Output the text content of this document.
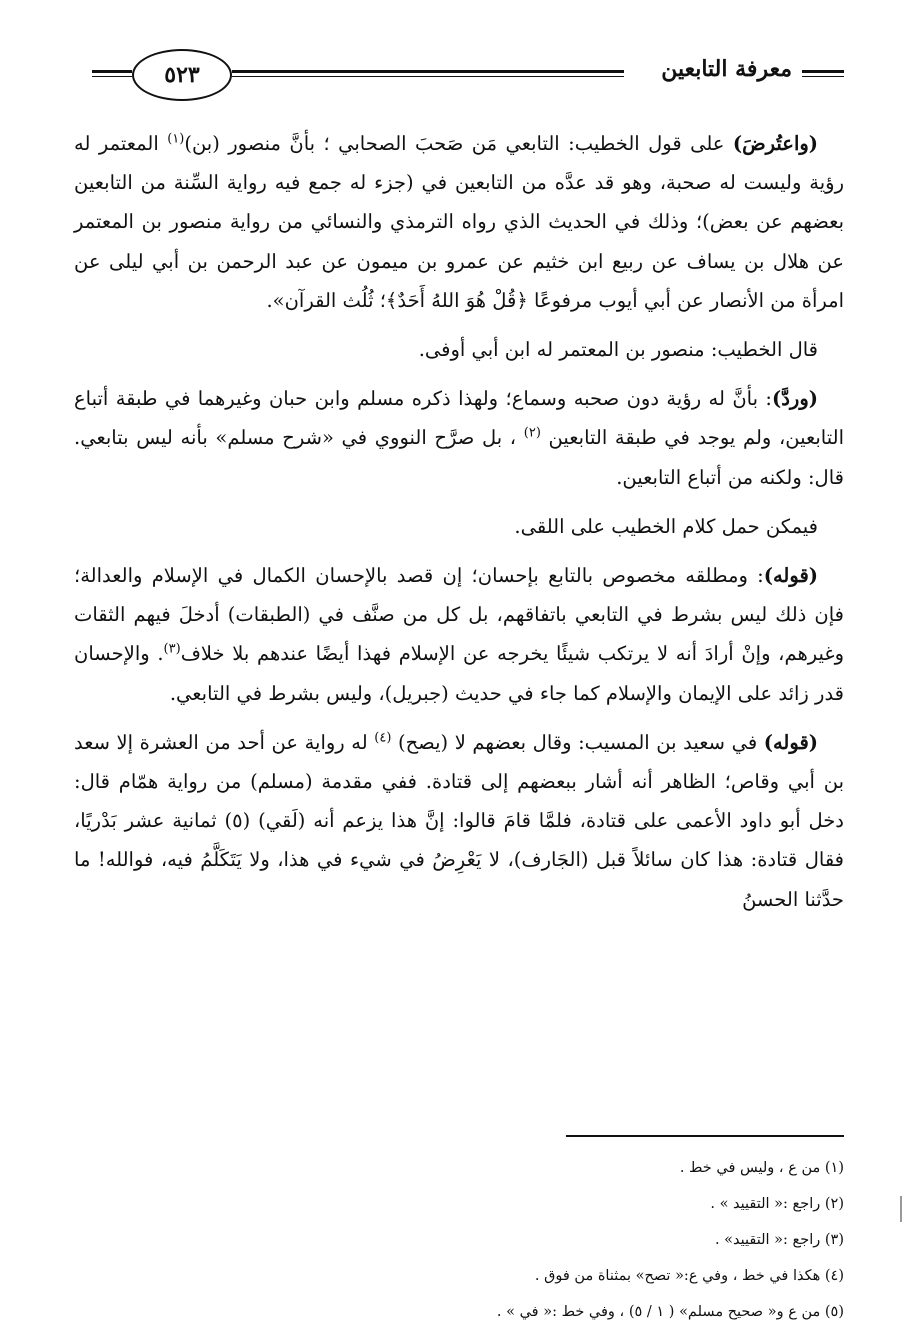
٥٢٣	معرفة التابعين

(واعتُرضَ) على قول الخطيب: التابعي مَن صَحبَ الصحابي ؛ بأنَّ منصور (بن)$^{(١)}$ المعتمر له رؤية وليست له صحبة، وهو قد عدَّه من التابعين في (جزء له جمع فيه رواية السِّنة من التابعين بعضهم عن بعض)؛ وذلك في الحديث الذي رواه الترمذي والنسائي من رواية منصور بن المعتمر عن هلال بن يساف عن ربيع ابن خثيم عن عمرو بن ميمون عن عبد الرحمن بن أبي ليلى عن امرأة من الأنصار عن أبي أيوب مرفوعًا ﴿قُلْ هُوَ اللهُ أَحَدٌ﴾؛ ثُلُث القرآن».

قال الخطيب: منصور بن المعتمر له ابن أبي أوفى.

(وردَّ): بأنَّ له رؤية دون صحبه وسماع؛ ولهذا ذكره مسلم وابن حبان وغيرهما في طبقة أتباع التابعين، ولم يوجد في طبقة التابعين $^{(٢)}$ ، بل صرَّح النووي في «شرح مسلم» بأنه ليس بتابعي. قال: ولكنه من أتباع التابعين.

فيمكن حمل كلام الخطيب على اللقى.

(قوله): ومطلقه مخصوص بالتابع بإحسان؛ إن قصد بالإحسان الكمال في الإسلام والعدالة؛ فإن ذلك ليس بشرط في التابعي باتفاقهم، بل كل من صنَّف في (الطبقات) أدخلَ فيهم الثقات وغيرهم، وإنْ أرادَ أنه لا يرتكب شيئًا يخرجه عن الإسلام فهذا أيضًا عندهم بلا خلاف$^{(٣)}$. والإحسان قدر زائد على الإيمان والإسلام كما جاء في حديث (جبريل)، وليس بشرط في التابعي.

(قوله) في سعيد بن المسيب: وقال بعضهم لا (يصح) $^{(٤)}$ له رواية عن أحد من العشرة إلا سعد بن أبي وقاص؛ الظاهر أنه أشار ببعضهم إلى قتادة. ففي مقدمة (مسلم) من رواية همّام قال: دخل أبو داود الأعمى على قتادة، فلمَّا قامَ قالوا: إنَّ هذا يزعم أنه (لَقي) (٥) ثمانية عشر بَدْريًا، فقال قتادة: هذا كان سائلاً قبل (الجَارف)، لا يَعْرِضُ في شيء في هذا، ولا يَتَكَلَّمُ فيه، فوالله! ما حدَّثنا الحسنُ

(١) من ع ، وليس في خط .

(٢) راجع :« التقييد » .

(٣) راجع :« التقييد» .

(٤) هكذا في خط ، وفي ع:« تصح» بمثناة من فوق .

(٥) من ع و« صحيح مسلم» ( ١ / ٥) ، وفي خط :« في » .
